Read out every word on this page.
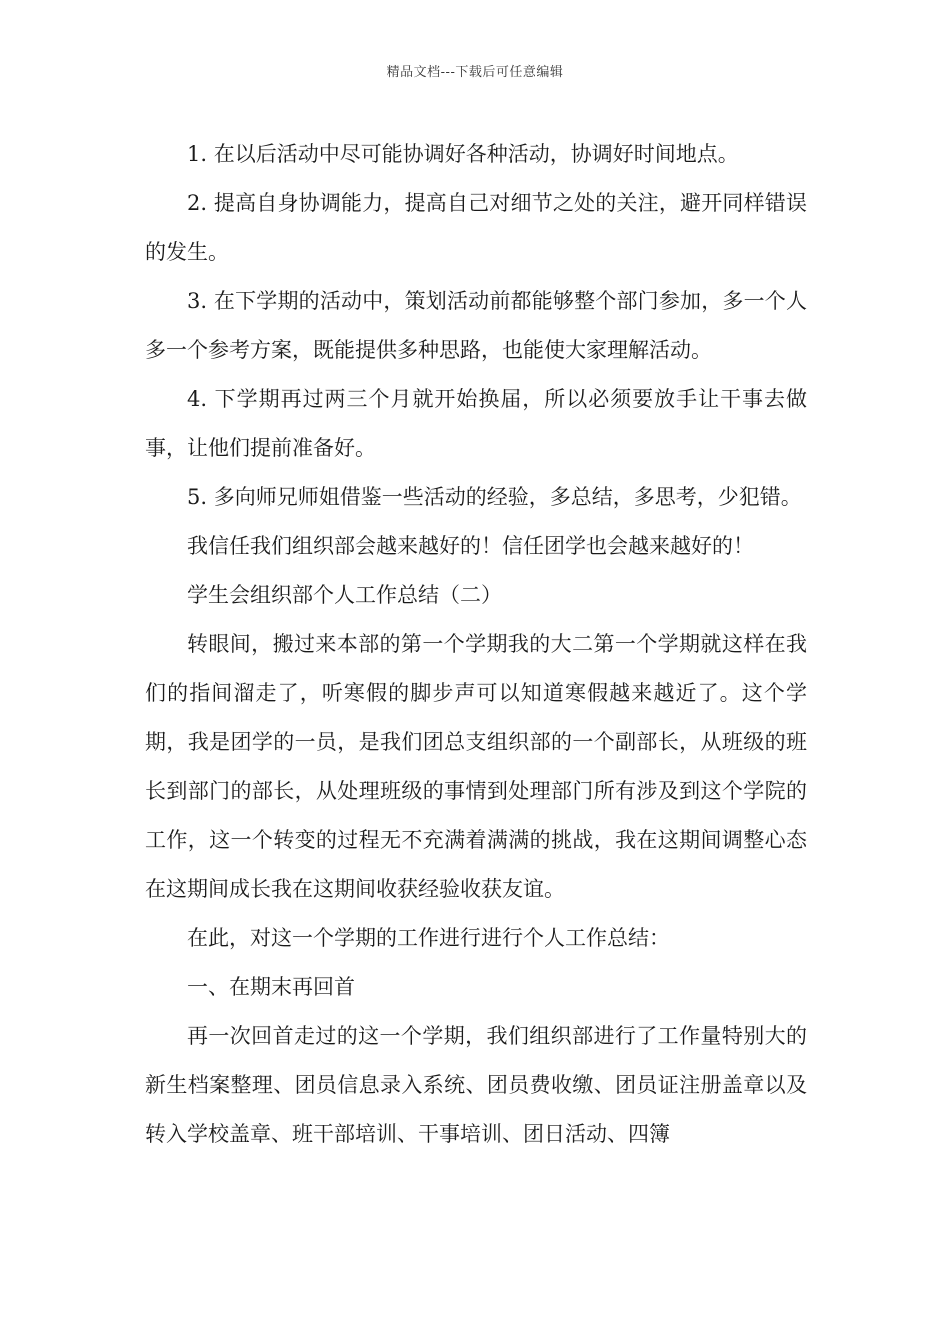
精品文档---下载后可任意编辑

1. 在以后活动中尽可能协调好各种活动，协调好时间地点。

2. 提高自身协调能力，提高自己对细节之处的关注，避开同样错误的发生。

3. 在下学期的活动中，策划活动前都能够整个部门参加，多一个人多一个参考方案，既能提供多种思路，也能使大家理解活动。

4. 下学期再过两三个月就开始换届，所以必须要放手让干事去做事，让他们提前准备好。

5. 多向师兄师姐借鉴一些活动的经验，多总结，多思考，少犯错。

我信任我们组织部会越来越好的！信任团学也会越来越好的！

学生会组织部个人工作总结（二）

转眼间，搬过来本部的第一个学期我的大二第一个学期就这样在我们的指间溜走了，听寒假的脚步声可以知道寒假越来越近了。这个学期，我是团学的一员，是我们团总支组织部的一个副部长，从班级的班长到部门的部长，从处理班级的事情到处理部门所有涉及到这个学院的工作，这一个转变的过程无不充满着满满的挑战，我在这期间调整心态在这期间成长我在这期间收获经验收获友谊。

在此，对这一个学期的工作进行进行个人工作总结：

一、在期末再回首

再一次回首走过的这一个学期，我们组织部进行了工作量特别大的新生档案整理、团员信息录入系统、团员费收缴、团员证注册盖章以及转入学校盖章、班干部培训、干事培训、团日活动、四簿
